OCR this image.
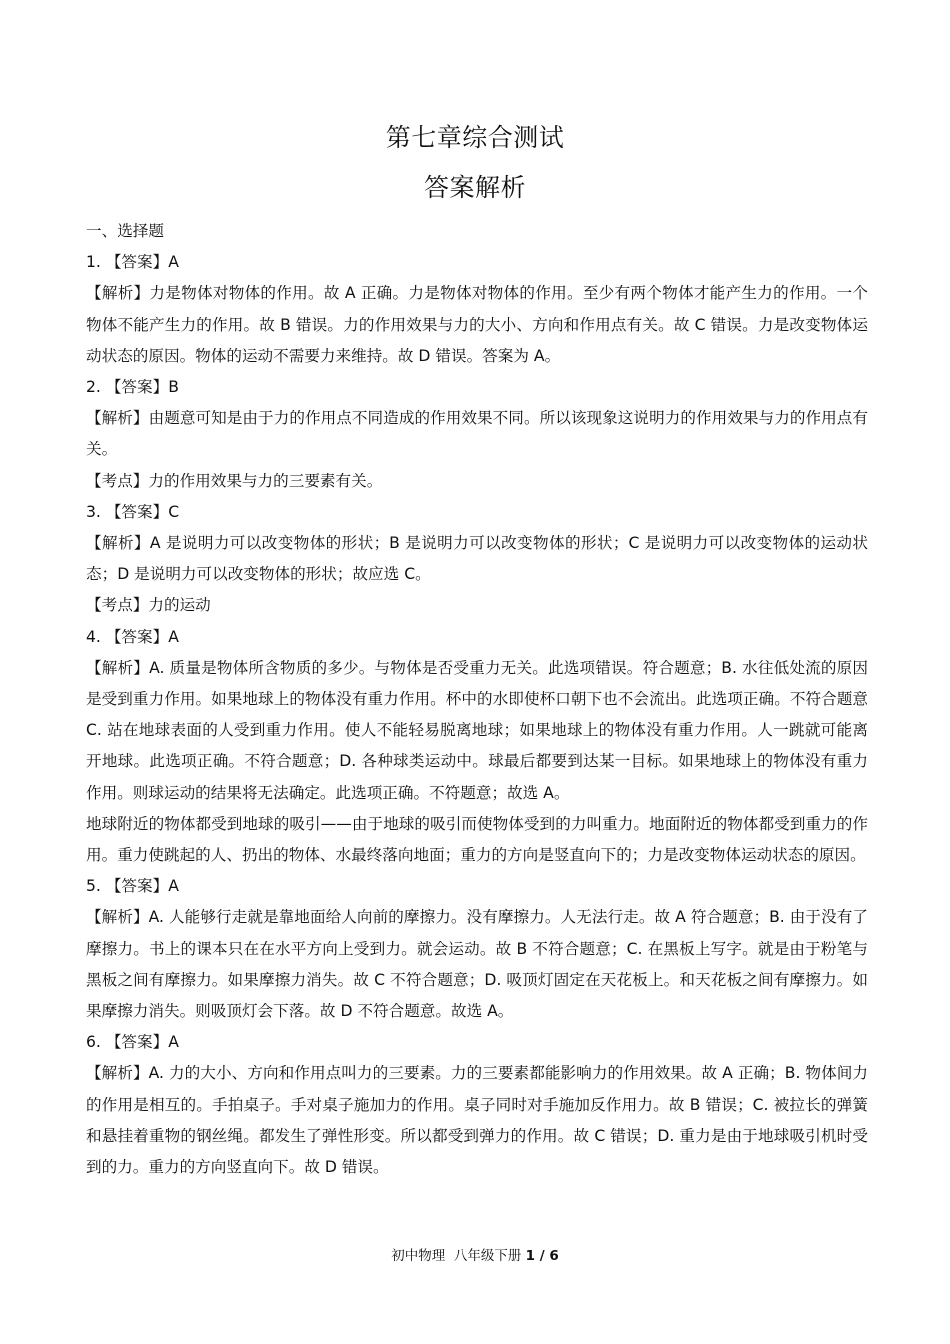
第七章综合测试
答案解析

一、选择题

1. 【答案】A

【解析】力是物体对物体的作用。故 A 正确。力是物体对物体的作用。至少有两个物体才能产生力的作用。一个物体不能产生力的作用。故 B 错误。力的作用效果与力的大小、方向和作用点有关。故 C 错误。力是改变物体运动状态的原因。物体的运动不需要力来维持。故 D 错误。答案为 A。

2. 【答案】B

【解析】由题意可知是由于力的作用点不同造成的作用效果不同。所以该现象这说明力的作用效果与力的作用点有关。

【考点】力的作用效果与力的三要素有关。

3. 【答案】C

【解析】A 是说明力可以改变物体的形状；B 是说明力可以改变物体的形状；C 是说明力可以改变物体的运动状态；D 是说明力可以改变物体的形状；故应选 C。

【考点】力的运动

4. 【答案】A

【解析】A. 质量是物体所含物质的多少。与物体是否受重力无关。此选项错误。符合题意；B. 水往低处流的原因是受到重力作用。如果地球上的物体没有重力作用。杯中的水即使杯口朝下也不会流出。此选项正确。不符合题意 C. 站在地球表面的人受到重力作用。使人不能轻易脱离地球；如果地球上的物体没有重力作用。人一跳就可能离开地球。此选项正确。不符合题意；D. 各种球类运动中。球最后都要到达某一目标。如果地球上的物体没有重力作用。则球运动的结果将无法确定。此选项正确。不符题意；故选 A。

地球附近的物体都受到地球的吸引——由于地球的吸引而使物体受到的力叫重力。地面附近的物体都受到重力的作用。重力使跳起的人、扔出的物体、水最终落向地面；重力的方向是竖直向下的；力是改变物体运动状态的原因。

5. 【答案】A

【解析】A. 人能够行走就是靠地面给人向前的摩擦力。没有摩擦力。人无法行走。故 A 符合题意；B. 由于没有了摩擦力。书上的课本只在在水平方向上受到力。就会运动。故 B 不符合题意；C. 在黑板上写字。就是由于粉笔与黑板之间有摩擦力。如果摩擦力消失。故 C 不符合题意；D. 吸顶灯固定在天花板上。和天花板之间有摩擦力。如果摩擦力消失。则吸顶灯会下落。故 D 不符合题意。故选 A。

6. 【答案】A

【解析】A. 力的大小、方向和作用点叫力的三要素。力的三要素都能影响力的作用效果。故 A 正确；B. 物体间力的作用是相互的。手拍桌子。手对桌子施加力的作用。桌子同时对手施加反作用力。故 B 错误；C. 被拉长的弹簧和悬挂着重物的钢丝绳。都发生了弹性形变。所以都受到弹力的作用。故 C 错误；D. 重力是由于地球吸引机时受到的力。重力的方向竖直向下。故 D 错误。

初中物理  八年级下册 1 / 6
